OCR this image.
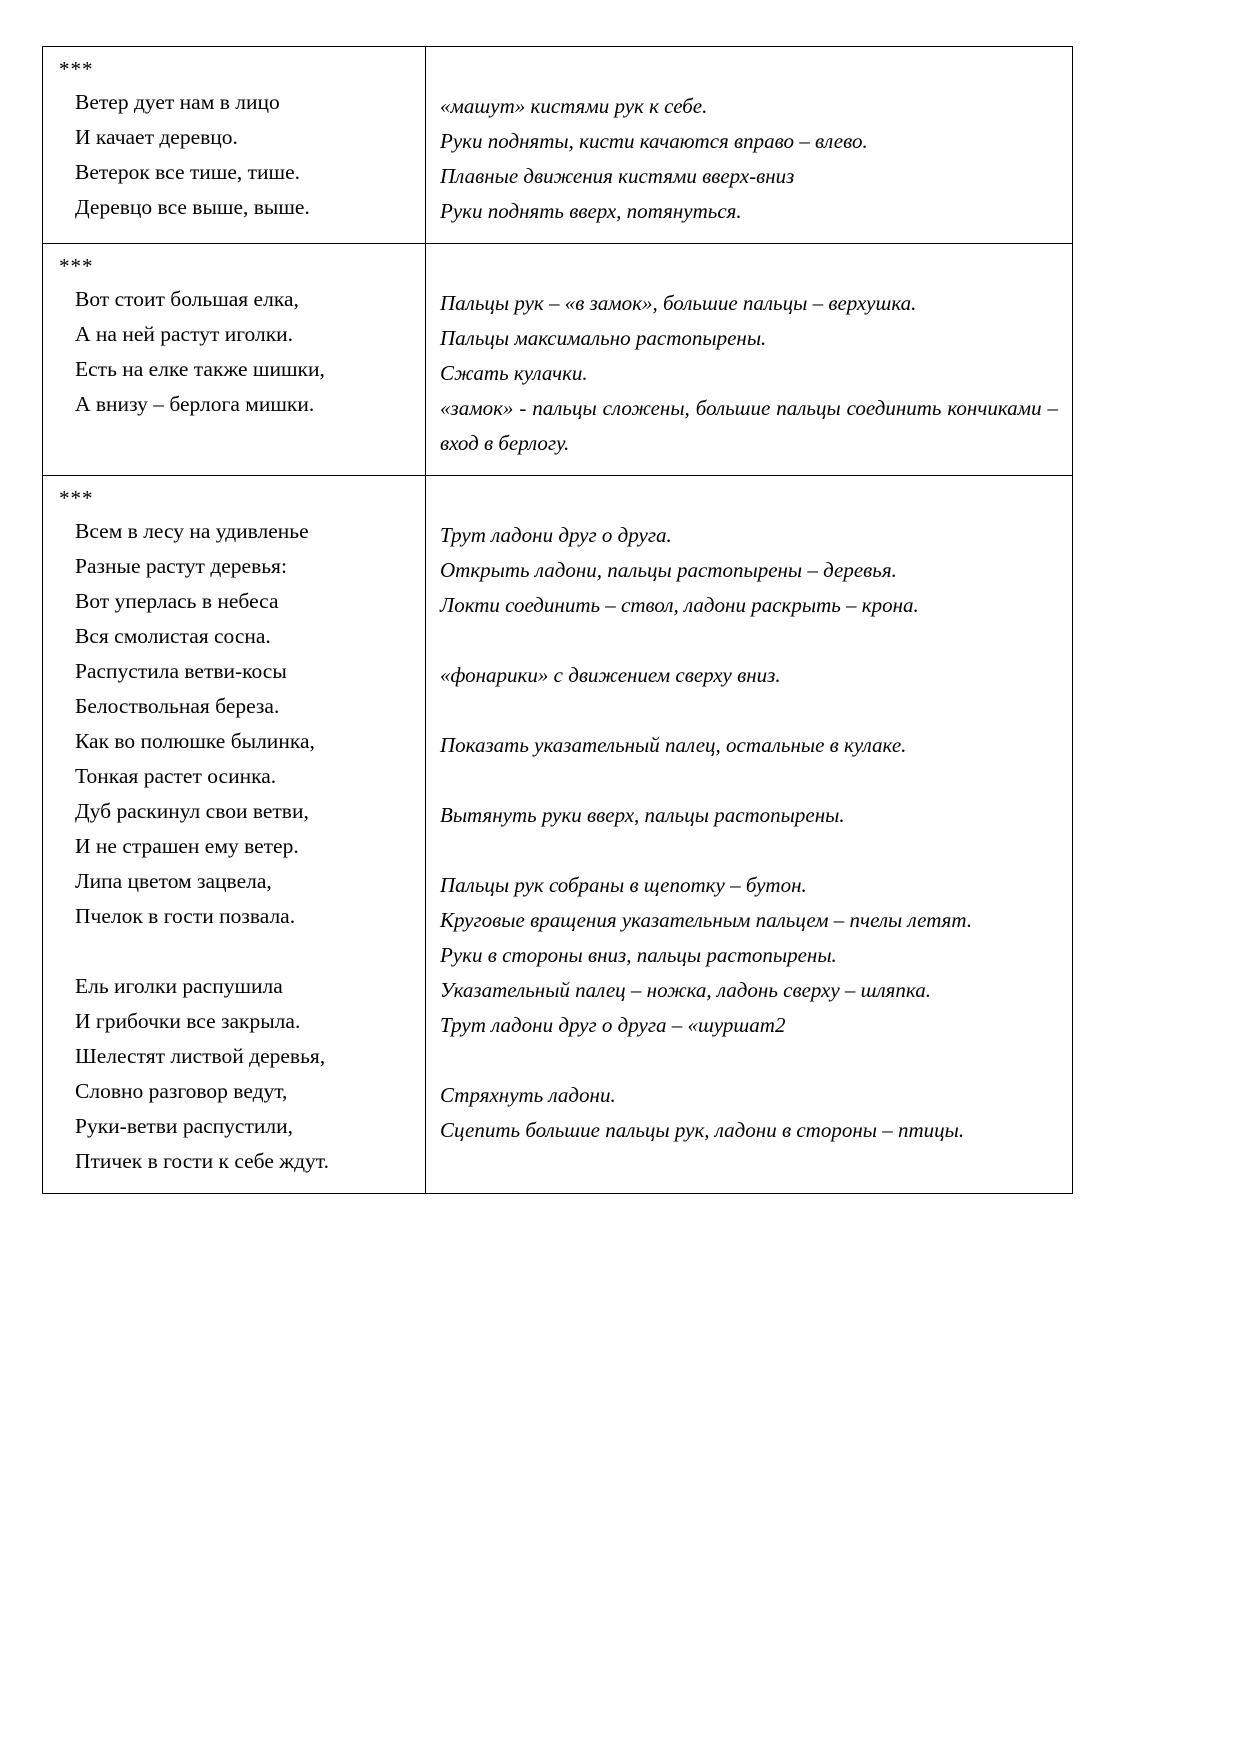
***
Ветер дует нам в лицо
И качает деревцо.
Ветерок все тише, тише.
Деревцо все выше, выше.

«машут» кистями рук к себе.
Руки подняты, кисти качаются вправо – влево.
Плавные движения кистями вверх-вниз
Руки поднять вверх, потянуться.

***
Вот стоит большая елка,
А на ней растут иголки.
Есть на елке также шишки,
А внизу – берлога мишки.

Пальцы рук – «в замок», большие пальцы – верхушка.
Пальцы максимально растопырены.
Сжать кулачки.
«замок» - пальцы сложены, большие пальцы соединить кончиками – вход в берлогу.

***
Всем в лесу на удивленье
Разные растут деревья:
Вот уперлась в небеса
Вся смолистая сосна.
Распустила ветви-косы
Белоствольная береза.
Как во полюшке былинка,
Тонкая растет осинка.
Дуб раскинул свои ветви,
И не страшен ему ветер.
Липа цветом зацвела,
Пчелок в гости позвала.
Ель иголки распушила
И грибочки все закрыла.
Шелестят листвой деревья,
Словно разговор ведут,
Руки-ветви распустили,
Птичек в гости к себе ждут.

Трут ладони друг о друга.
Открыть ладони, пальцы растопырены – деревья.
Локти соединить – ствол, ладони раскрыть – крона.
«фонарики» с движением сверху вниз.
Показать указательный палец, остальные в кулаке.
Вытянуть руки вверх, пальцы растопырены.
Пальцы рук собраны в щепотку – бутон.
Круговые вращения указательным пальцем – пчелы летят.
Руки в стороны вниз, пальцы растопырены.
Указательный палец – ножка, ладонь сверху – шляпка.
Трут ладони друг о друга – «шуршат2
Стряхнуть ладони.
Сцепить большие пальцы рук, ладони в стороны – птицы.
